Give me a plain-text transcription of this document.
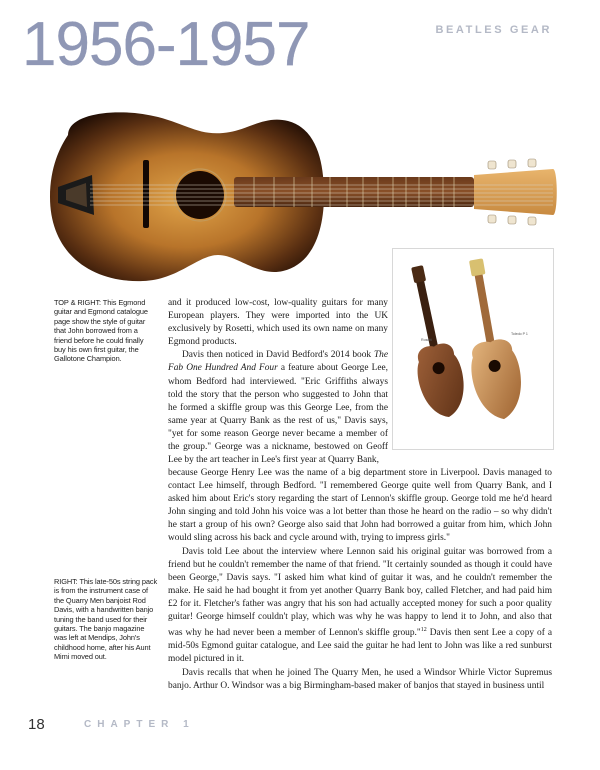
1956-1957	BEATLES GEAR
Rosetti
Toledo P 1
TOP & RIGHT: This Egmond guitar and Egmond catalogue page show the style of guitar that John borrowed from a friend before he could finally buy his own first guitar, the Gallotone Champion.
RIGHT: This late-50s string pack is from the instrument case of the Quarry Men banjoist Rod Davis, with a handwritten banjo tuning the band used for their guitars. The banjo magazine was left at Mendips, John's childhood home, after his Aunt Mimi moved out.

and it produced low-cost, low-quality guitars for many European players. They were imported into the UK exclusively by Rosetti, which used its own name on many Egmond products.

Davis then noticed in David Bedford's 2014 book The Fab One Hundred And Four a feature about George Lee, whom Bedford had interviewed. "Eric Griffiths always told the story that the person who suggested to John that he formed a skiffle group was this George Lee, from the same year at Quarry Bank as the rest of us," Davis says, "yet for some reason George never became a member of the group." George was a nickname, bestowed on Geoff Lee by the art teacher in Lee's first year at Quarry Bank,

because George Henry Lee was the name of a big department store in Liverpool. Davis managed to contact Lee himself, through Bedford. "I remembered George quite well from Quarry Bank, and I asked him about Eric's story regarding the start of Lennon's skiffle group. George told me he'd heard John singing and told John his voice was a lot better than those he heard on the radio – so why didn't he start a group of his own? George also said that John had borrowed a guitar from him, which John would sling across his back and cycle around with, trying to impress girls."

Davis told Lee about the interview where Lennon said his original guitar was borrowed from a friend but he couldn't remember the name of that friend. "It certainly sounded as though it could have been George," Davis says. "I asked him what kind of guitar it was, and he couldn't remember the make. He said he had bought it from yet another Quarry Bank boy, called Fletcher, and had paid him £2 for it. Fletcher's father was angry that his son had actually accepted money for such a poor quality guitar! George himself couldn't play, which was why he was happy to lend it to John, and also that was why he had never been a member of Lennon's skiffle group."$^{12}$ Davis then sent Lee a copy of a mid-50s Egmond guitar catalogue, and Lee said the guitar he had lent to John was like a red sunburst model pictured in it.

Davis recalls that when he joined The Quarry Men, he used a Windsor Whirle Victor Supremus banjo. Arthur O. Windsor was a big Birmingham-based maker of banjos that stayed in business until

18	CHAPTER 1
